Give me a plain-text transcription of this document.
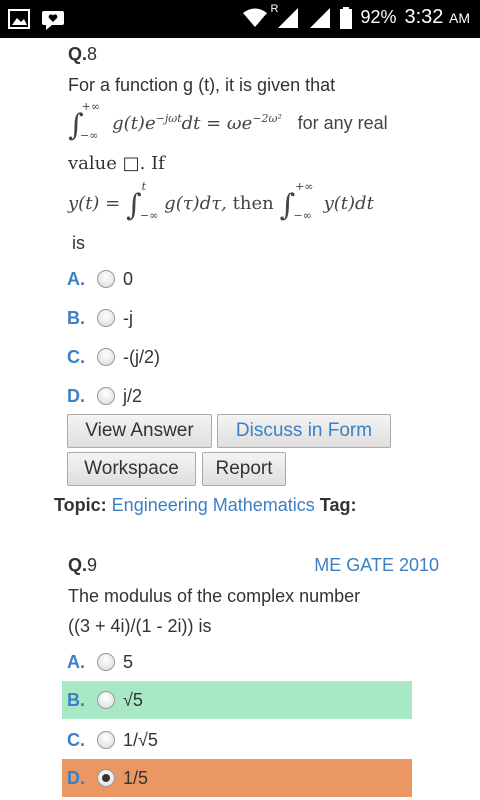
R	92% 3:32 AM
Q.8
For a function g (t), it is given that
$\int^{+\infty}_{-\infty}$ $g(t)e^{-j\omega t}dt = \omega e^{-2\omega^2}$ for any real
value □. If
y(t) = ∫$^t_{-\infty}$ g(τ)dτ, then $\int^{+\infty}_{-\infty}$ y(t)dt
is
A.	0
B.	-j
C.	-(j/2)
D.	j/2
View Answer	Discuss in Form
Workspace	Report
Topic: Engineering Mathematics Tag: ME GATE 2010
Q.9
The modulus of the complex number
((3 + 4i)/(1 - 2i)) is
A.	5
B.	√5
C.	1/√5
D.	1/5
